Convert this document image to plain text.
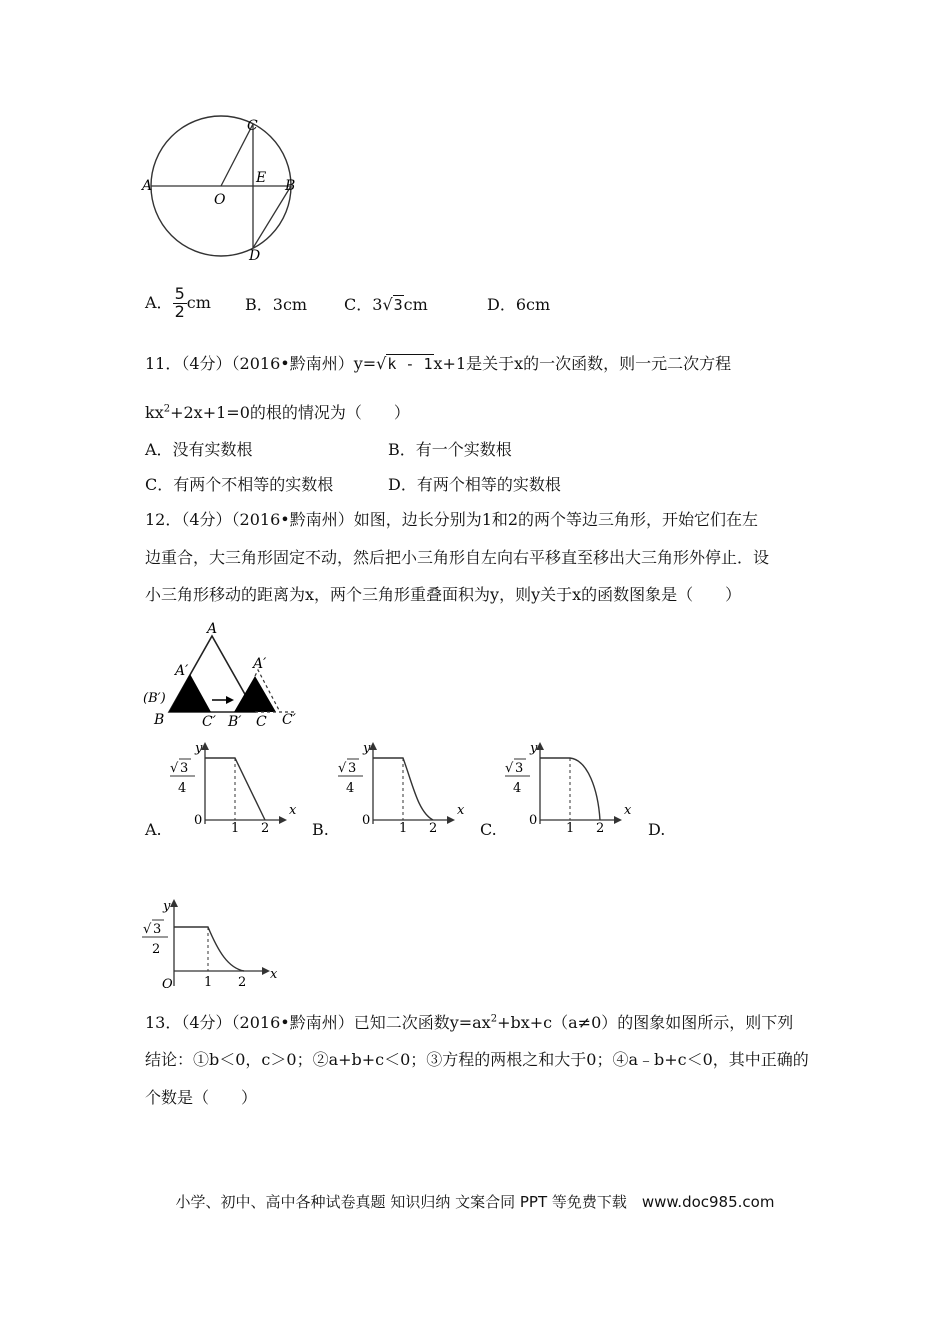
A	B
C
D
O
E
A． $\frac{5}{2}$ cm B．3cm C．3√3cm	D．6cm
11．（4分）（2016•黔南州）y=√k - 1x+1是关于x的一次函数，则一元二次方程
$kx^2+2x+1=0$的根的情况为（　　）
A．没有实数根	B．有一个实数根
C．有两个不相等的实数根	D．有两个相等的实数根
12．（4分）（2016•黔南州）如图，边长分别为1和2的两个等边三角形，开始它们在左
边重合，大三角形固定不动，然后把小三角形自左向右平移直至移出大三角形外停止．设
小三角形移动的距离为x，两个三角形重叠面积为y，则y关于x的函数图象是（　　）
A
A′	A′
(B′)
B	C′ B′ C C′
√ 3
4
y
x
0
1 2
A.
√ 3
4
y
x
0
1 2
B.
√ 3
4
y
x
0
1 2
C.	D.
√ 3
2
y
x
O 1 2
13．（4分）（2016•黔南州）已知二次函数$y=ax^2+bx+c(a\ne 0)$的图象如图所示，则下列
结论：①b＜0，c＞0；②a+b+c＜0；③方程的两根之和大于0；④a﹣b+c＜0，其中正确的
个数是（　　）
小学、初中、高中各种试卷真题 知识归纳 文案合同 PPT 等免费下载　www.doc985.com
